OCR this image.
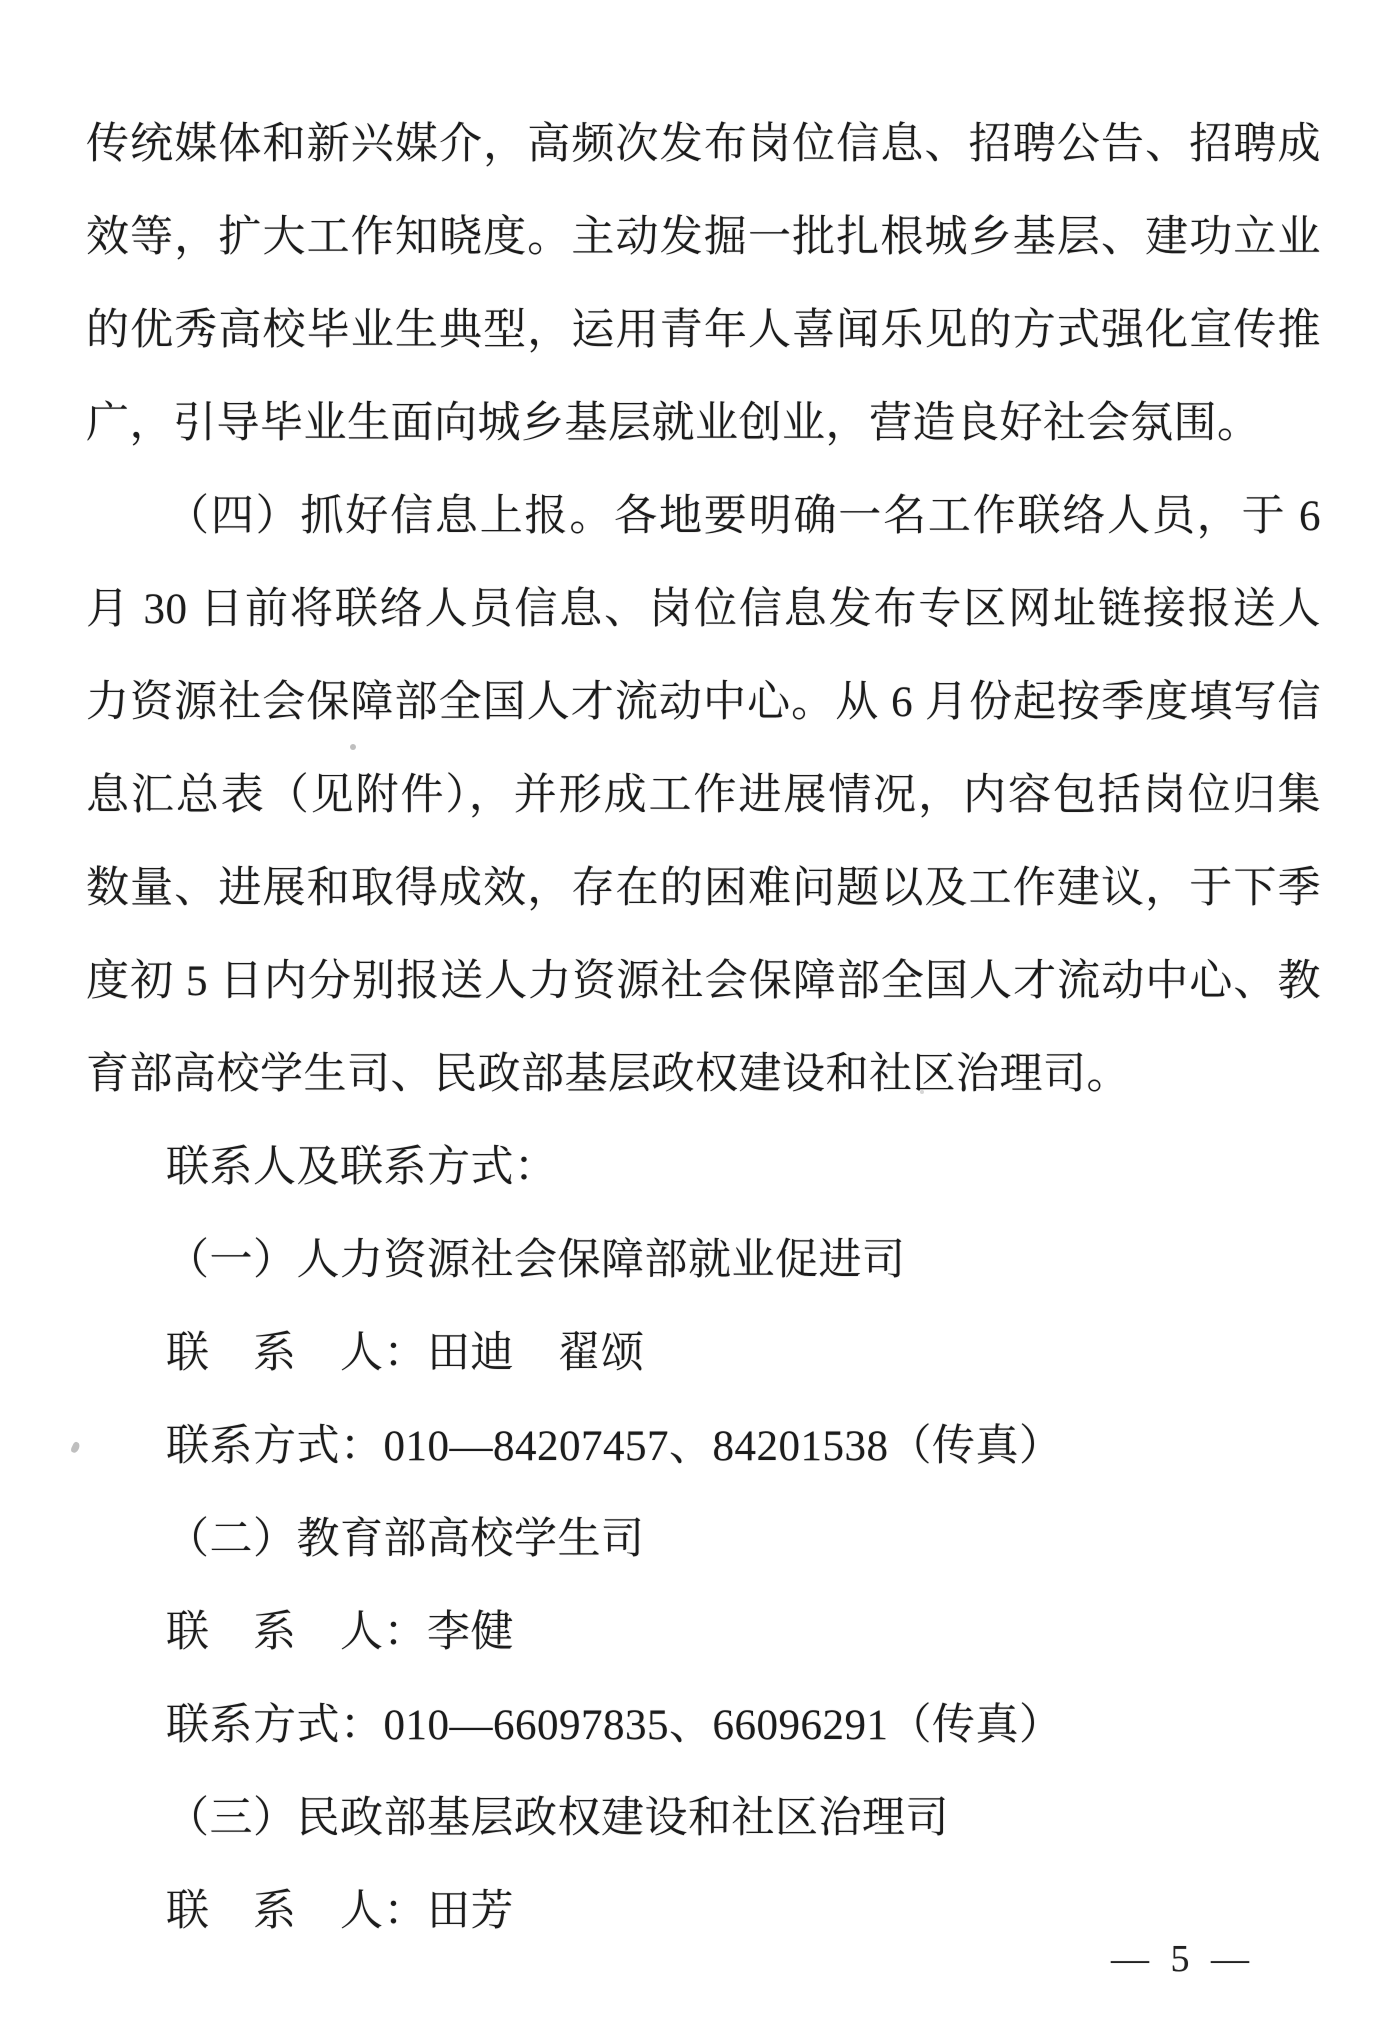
传统媒体和新兴媒介，高频次发布岗位信息、招聘公告、招聘成
效等，扩大工作知晓度。主动发掘一批扎根城乡基层、建功立业
的优秀高校毕业生典型，运用青年人喜闻乐见的方式强化宣传推
广，引导毕业生面向城乡基层就业创业，营造良好社会氛围。
（四）抓好信息上报。各地要明确一名工作联络人员，于 6
月 30 日前将联络人员信息、岗位信息发布专区网址链接报送人
力资源社会保障部全国人才流动中心。从 6 月份起按季度填写信
息汇总表（见附件），并形成工作进展情况，内容包括岗位归集
数量、进展和取得成效，存在的困难问题以及工作建议，于下季
度初 5 日内分别报送人力资源社会保障部全国人才流动中心、教
育部高校学生司、民政部基层政权建设和社区治理司。
联系人及联系方式：
（一）人力资源社会保障部就业促进司
联　系　人：田迪　翟颂
联系方式：010—84207457、84201538（传真）
（二）教育部高校学生司
联　系　人：李健
联系方式：010—66097835、66096291（传真）
（三）民政部基层政权建设和社区治理司
联　系　人：田芳
— 5 —
